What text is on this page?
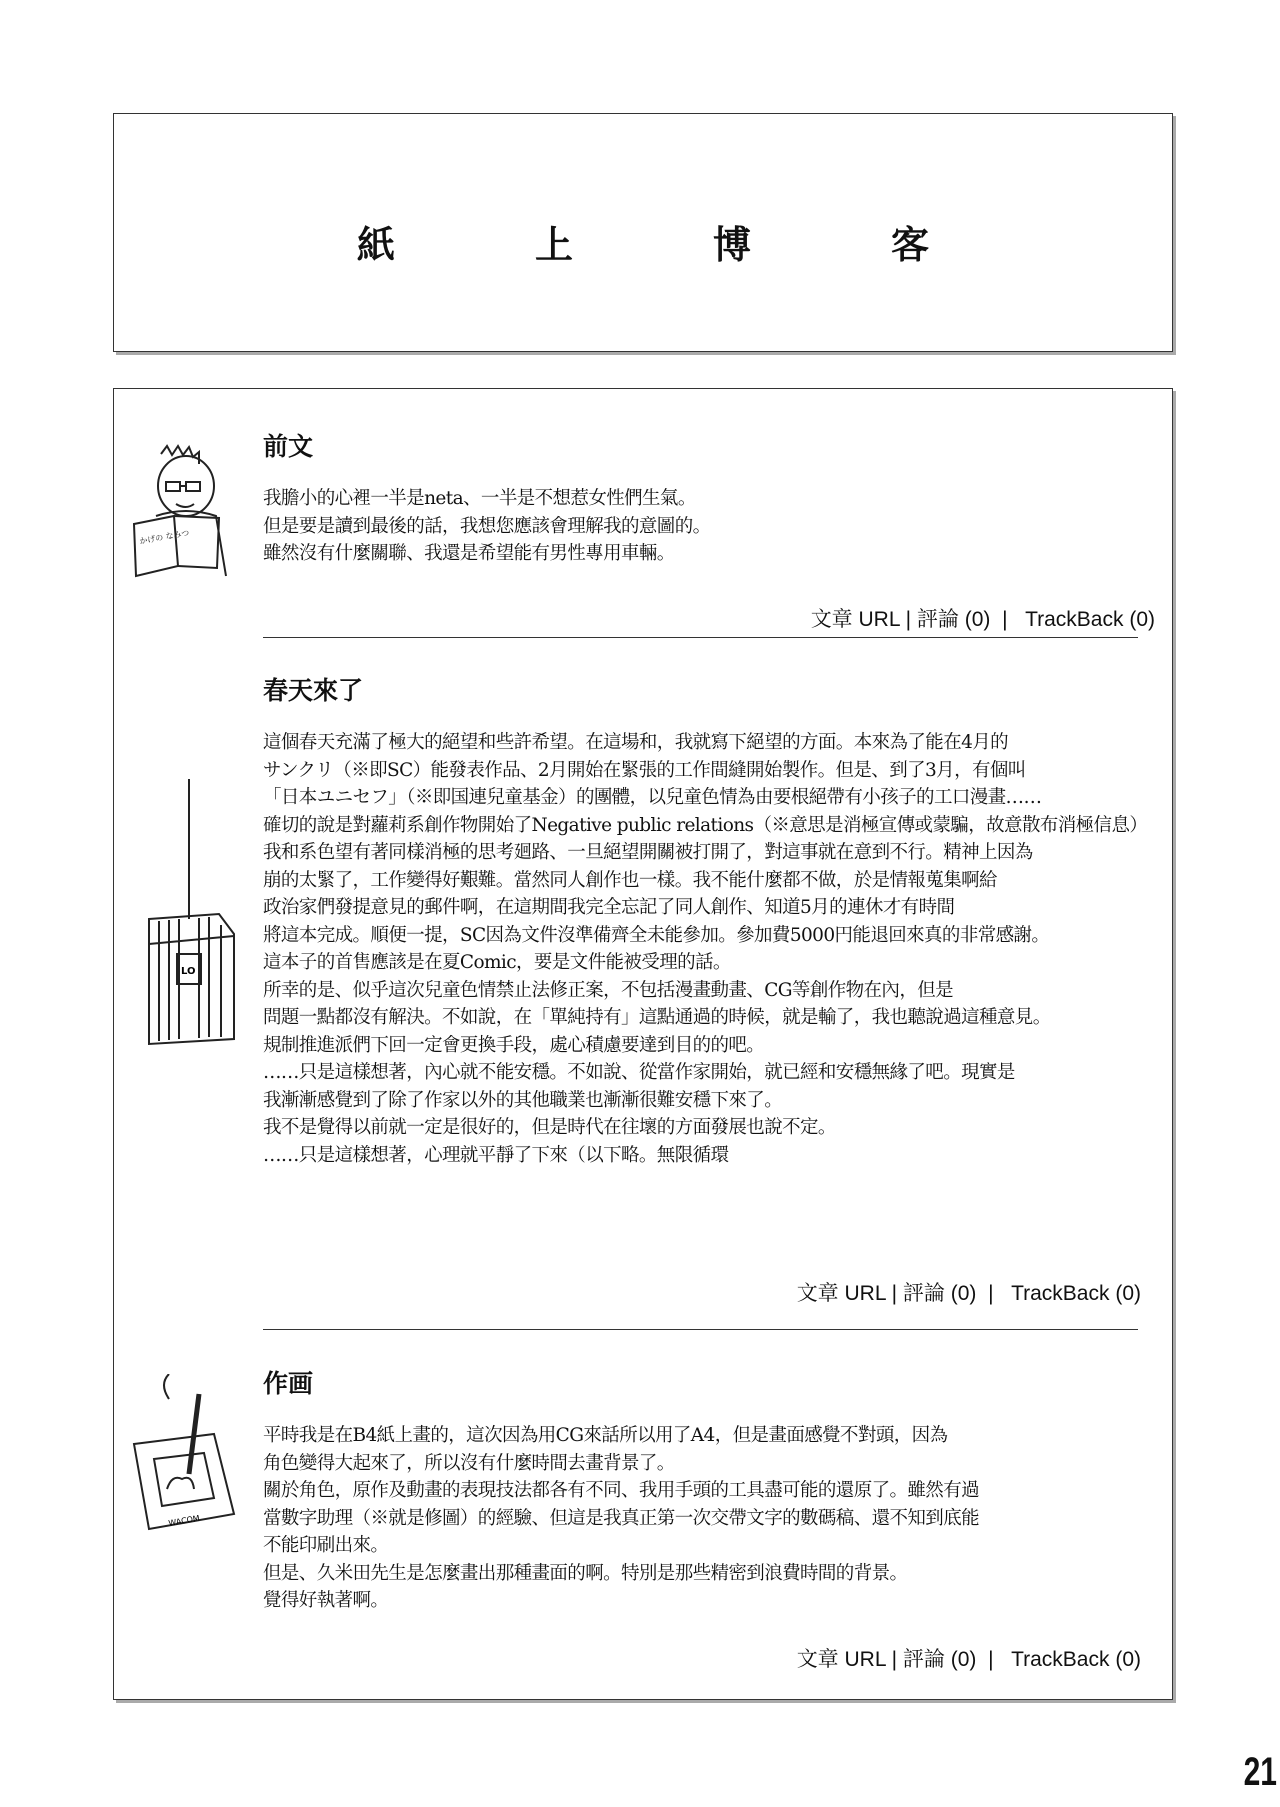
紙	上	博	客
かげの なみつ
LO
WACOM
前文

我膽小的心裡一半是neta、一半是不想惹女性們生氣。

但是要是讀到最後的話，我想您應該會理解我的意圖的。

雖然沒有什麼關聯、我還是希望能有男性專用車輛。

文章 URL | 評論 (0) | TrackBack (0)

春天來了

這個春天充滿了極大的絕望和些許希望。在這場和，我就寫下絕望的方面。本來為了能在4月的

サンクリ（※即SC）能發表作品、2月開始在緊張的工作間縫開始製作。但是、到了3月，有個叫

「日本ユニセフ」（※即国連兒童基金）的團體，以兒童色情為由要根絕帶有小孩子的工口漫畫……

確切的說是對蘿莉系創作物開始了Negative public relations（※意思是消極宣傳或蒙騙，故意散布消極信息）

我和系色望有著同樣消極的思考廻路、一旦絕望開關被打開了，對這事就在意到不行。精神上因為

崩的太緊了，工作變得好艱難。當然同人創作也一樣。我不能什麼都不做，於是情報蒐集啊給

政治家們發提意見的郵件啊，在這期間我完全忘記了同人創作、知道5月的連休才有時間

將這本完成。順便一提，SC因為文件沒準備齊全未能參加。參加費5000円能退回來真的非常感謝。

這本子的首售應該是在夏Comic，要是文件能被受理的話。

所幸的是、似乎這次兒童色情禁止法修正案，不包括漫畫動畫、CG等創作物在內，但是

問題一點都沒有解決。不如說，在「單純持有」這點通過的時候，就是輸了，我也聽說過這種意見。

規制推進派們下回一定會更換手段，處心積慮要達到目的的吧。

……只是這樣想著，內心就不能安穩。不如說、從當作家開始，就已經和安穩無緣了吧。現實是

我漸漸感覺到了除了作家以外的其他職業也漸漸很難安穩下來了。

我不是覺得以前就一定是很好的，但是時代在往壞的方面發展也說不定。

……只是這樣想著，心理就平靜了下來（以下略。無限循環

文章 URL | 評論 (0) | TrackBack (0)

作画

平時我是在B4紙上畫的，這次因為用CG來話所以用了A4，但是畫面感覺不對頭，因為

角色變得大起來了，所以沒有什麼時間去畫背景了。

關於角色，原作及動畫的表現技法都各有不同、我用手頭的工具盡可能的還原了。雖然有過

當數字助理（※就是修圖）的經驗、但這是我真正第一次交帶文字的數碼稿、還不知到底能

不能印刷出來。

但是、久米田先生是怎麼畫出那種畫面的啊。特別是那些精密到浪費時間的背景。

覺得好執著啊。

文章 URL | 評論 (0) | TrackBack (0)

21
